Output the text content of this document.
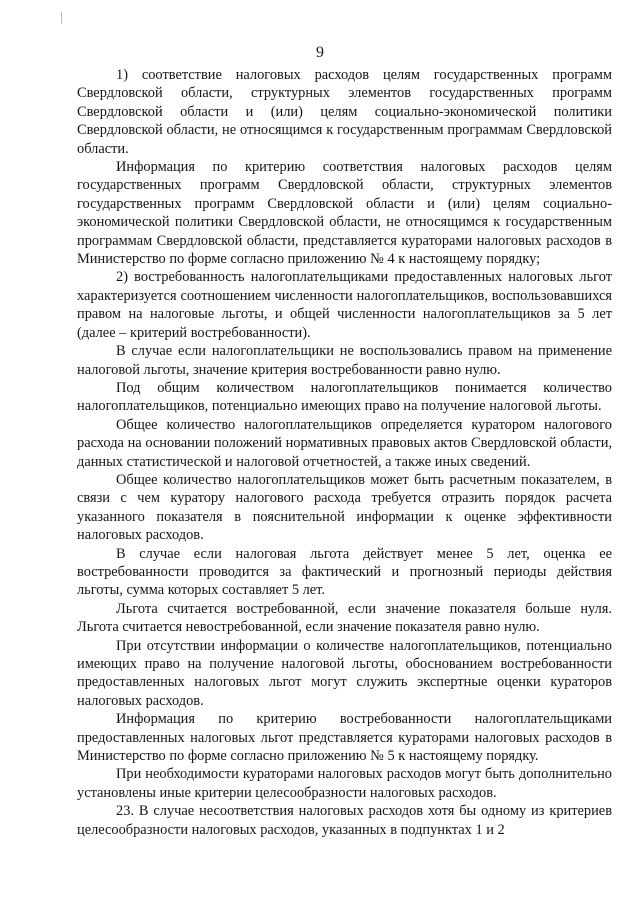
9

1) соответствие налоговых расходов целям государственных программ Свердловской области, структурных элементов государственных программ Свердловской области и (или) целям социально-экономической политики Свердловской области, не относящимся к государственным программам Свердловской области.

Информация по критерию соответствия налоговых расходов целям государственных программ Свердловской области, структурных элементов государственных программ Свердловской области и (или) целям социально-экономической политики Свердловской области, не относящимся к государственным программам Свердловской области, представляется кураторами налоговых расходов в Министерство по форме согласно приложению № 4 к настоящему порядку;

2) востребованность налогоплательщиками предоставленных налоговых льгот характеризуется соотношением численности налогоплательщиков, воспользовавшихся правом на налоговые льготы, и общей численности налогоплательщиков за 5 лет (далее – критерий востребованности).

В случае если налогоплательщики не воспользовались правом на применение налоговой льготы, значение критерия востребованности равно нулю.

Под общим количеством налогоплательщиков понимается количество налогоплательщиков, потенциально имеющих право на получение налоговой льготы.

Общее количество налогоплательщиков определяется куратором налогового расхода на основании положений нормативных правовых актов Свердловской области, данных статистической и налоговой отчетностей, а также иных сведений.

Общее количество налогоплательщиков может быть расчетным показателем, в связи с чем куратору налогового расхода требуется отразить порядок расчета указанного показателя в пояснительной информации к оценке эффективности налоговых расходов.

В случае если налоговая льгота действует менее 5 лет, оценка ее востребованности проводится за фактический и прогнозный периоды действия льготы, сумма которых составляет 5 лет.

Льгота считается востребованной, если значение показателя больше нуля. Льгота считается невостребованной, если значение показателя равно нулю.

При отсутствии информации о количестве налогоплательщиков, потенциально имеющих право на получение налоговой льготы, обоснованием востребованности предоставленных налоговых льгот могут служить экспертные оценки кураторов налоговых расходов.

Информация по критерию востребованности налогоплательщиками предоставленных налоговых льгот представляется кураторами налоговых расходов в Министерство по форме согласно приложению № 5 к настоящему порядку.

При необходимости кураторами налоговых расходов могут быть дополнительно установлены иные критерии целесообразности налоговых расходов.

23. В случае несоответствия налоговых расходов хотя бы одному из критериев целесообразности налоговых расходов, указанных в подпунктах 1 и 2
